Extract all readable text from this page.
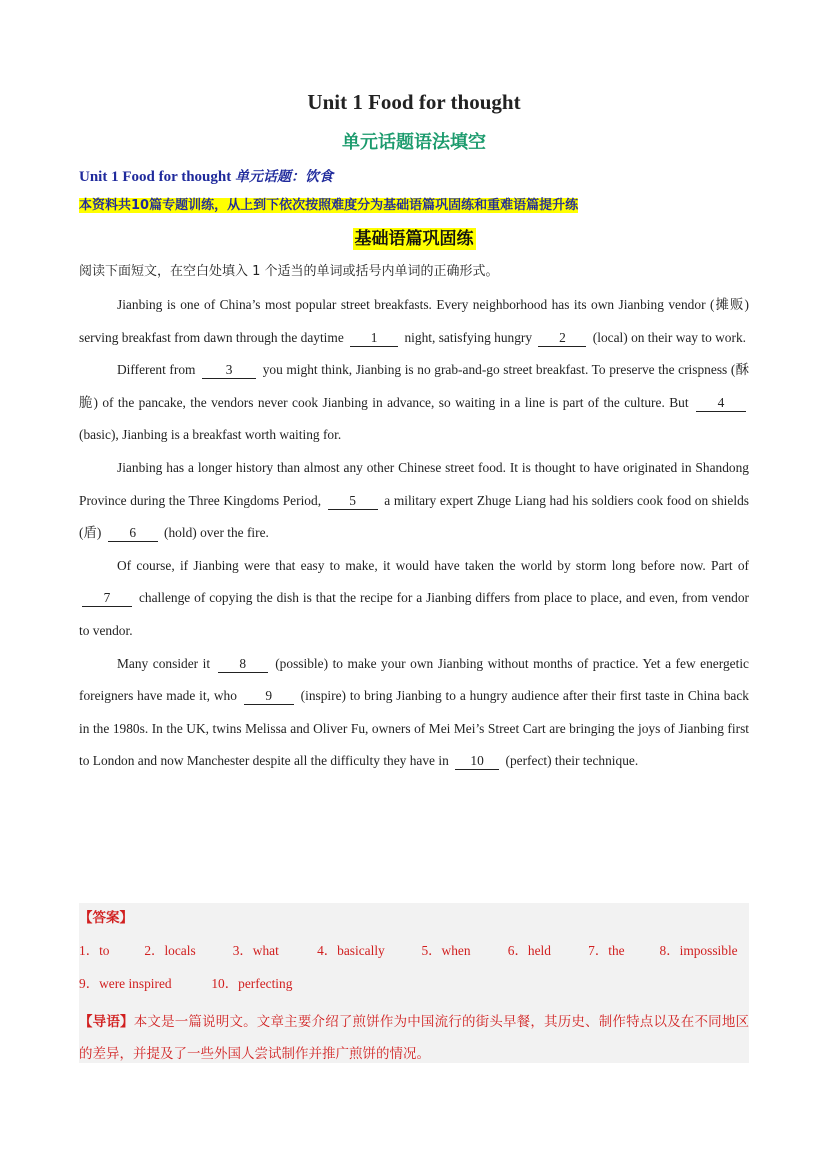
Unit 1 Food for thought
单元话题语法填空
Unit 1 Food for thought 单元话题：饮食
本资料共10篇专题训练，从上到下依次按照难度分为基础语篇巩固练和重难语篇提升练
基础语篇巩固练
阅读下面短文，在空白处填入 1 个适当的单词或括号内单词的正确形式。

Jianbing is one of China’s most popular street breakfasts. Every neighborhood has its own Jianbing vendor (摊贩) serving breakfast from dawn through the daytime 1 night, satisfying hungry 2 (local) on their way to work.

Different from 3 you might think, Jianbing is no grab-and-go street breakfast. To preserve the crispness (酥脆) of the pancake, the vendors never cook Jianbing in advance, so waiting in a line is part of the culture. But 4 (basic), Jianbing is a breakfast worth waiting for.

Jianbing has a longer history than almost any other Chinese street food. It is thought to have originated in Shandong Province during the Three Kingdoms Period, 5 a military expert Zhuge Liang had his soldiers cook food on shields (盾) 6 (hold) over the fire.

Of course, if Jianbing were that easy to make, it would have taken the world by storm long before now. Part of 7 challenge of copying the dish is that the recipe for a Jianbing differs from place to place, and even, from vendor to vendor.

Many consider it 8 (possible) to make your own Jianbing without months of practice. Yet a few energetic foreigners have made it, who 9 (inspire) to bring Jianbing to a hungry audience after their first taste in China back in the 1980s. In the UK, twins Melissa and Oliver Fu, owners of Mei Mei’s Street Cart are bringing the joys of Jianbing first to London and now Manchester despite all the difficulty they have in 10 (perfect) their technique.

【答案】
1．to	2．locals	3．what	4．basically	5．when	6．held	7．the	8．impossible
9．were inspired	10．perfecting
【导语】本文是一篇说明文。文章主要介绍了煎饼作为中国流行的街头早餐，其历史、制作特点以及在不同地区的差异，并提及了一些外国人尝试制作并推广煎饼的情况。
